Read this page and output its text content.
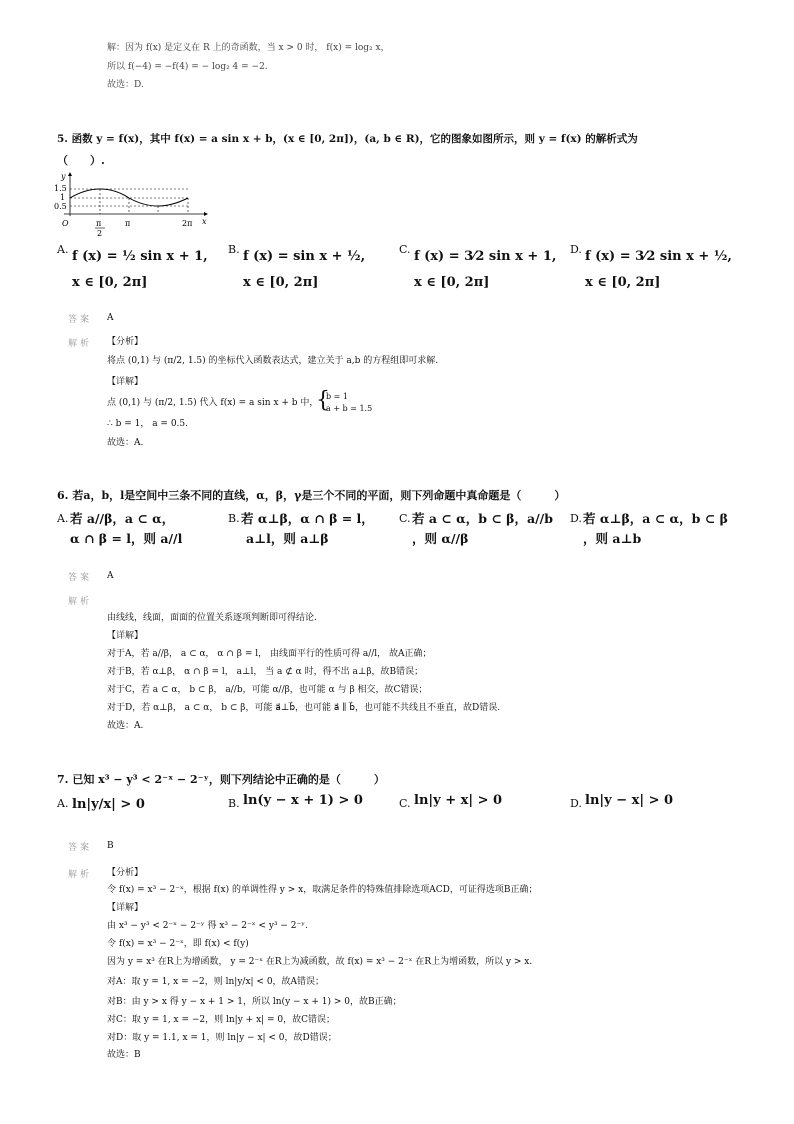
解：因为 f(x) 是定义在 R 上的奇函数，当 x > 0 时， f(x) = log₂ x，
所以 f(−4) = −f(4) = − log₂ 4 = −2.
故选：D.
5. 函数 y = f(x)，其中 f(x) = a sin x + b，(x ∈ [0, 2π])，(a, b ∈ R)，它的图象如图所示，则 y = f(x) 的解析式为
（　　）.
y
x
O
1.5
1
0.5
π
2
π	2π
A. f (x) = ½ sin x + 1,
x ∈ [0, 2π]
B. f (x) = sin x + ½,
x ∈ [0, 2π]
C. f (x) = 3⁄2 sin x + 1,
x ∈ [0, 2π]
D. f (x) = 3⁄2 sin x + ½,
x ∈ [0, 2π]
答案 A
解析 【分析】
将点 (0,1) 与 (π/2, 1.5) 的坐标代入函数表达式，建立关于 a,b 的方程组即可求解.
【详解】
点 (0,1) 与 (π/2, 1.5) 代入 f(x) = a sin x + b 中，
{
b = 1
a + b = 1.5
∴ b = 1， a = 0.5.
故选：A.
6. 若a，b，l是空间中三条不同的直线，α，β，γ是三个不同的平面，则下列命题中真命题是（　　　）
A. 若 a//β，a ⊂ α，
α ∩ β = l，则 a//l
B. 若 α⊥β，α ∩ β = l，
a⊥l，则 a⊥β
C. 若 a ⊂ α，b ⊂ β，a//b
，则 α//β
D. 若 α⊥β，a ⊂ α，b ⊂ β
，则 a⊥b
答案 A
解析
由线线，线面，面面的位置关系逐项判断即可得结论.
【详解】
对于A，若 a//β， a ⊂ α， α ∩ β = l， 由线面平行的性质可得 a//l， 故A正确；
对于B，若 α⊥β， α ∩ β = l， a⊥l， 当 a ⊄ α 时，得不出 a⊥β，故B错误；
对于C，若 a ⊂ α， b ⊂ β， a//b，可能 α//β，也可能 α 与 β 相交，故C错误；
对于D，若 α⊥β， a ⊂ α， b ⊂ β，可能 a⃗⊥b⃗，也可能 a⃗ ∥ b⃗，也可能不共线且不垂直，故D错误.
故选：A.
7. 已知 x³ − y³ < 2⁻ˣ − 2⁻ʸ，则下列结论中正确的是（　　　）
A. ln|y/x| > 0	B. ln(y − x + 1) > 0	C. ln|y + x| > 0	D. ln|y − x| > 0
答案 B
解析 【分析】
令 f(x) = x³ − 2⁻ˣ，根据 f(x) 的单调性得 y > x，取满足条件的特殊值排除选项ACD，可证得选项B正确；
【详解】
由 x³ − y³ < 2⁻ˣ − 2⁻ʸ 得 x³ − 2⁻ˣ < y³ − 2⁻ʸ.
令 f(x) = x³ − 2⁻ˣ，即 f(x) < f(y)
因为 y = x³ 在R上为增函数， y = 2⁻ˣ 在R上为减函数，故 f(x) = x³ − 2⁻ˣ 在R上为增函数，所以 y > x.
对A：取 y = 1, x = −2，则 ln|y/x| < 0，故A错误；
对B：由 y > x 得 y − x + 1 > 1，所以 ln(y − x + 1) > 0，故B正确；
对C：取 y = 1, x = −2，则 ln|y + x| = 0，故C错误；
对D：取 y = 1.1, x = 1，则 ln|y − x| < 0，故D错误；
故选：B
